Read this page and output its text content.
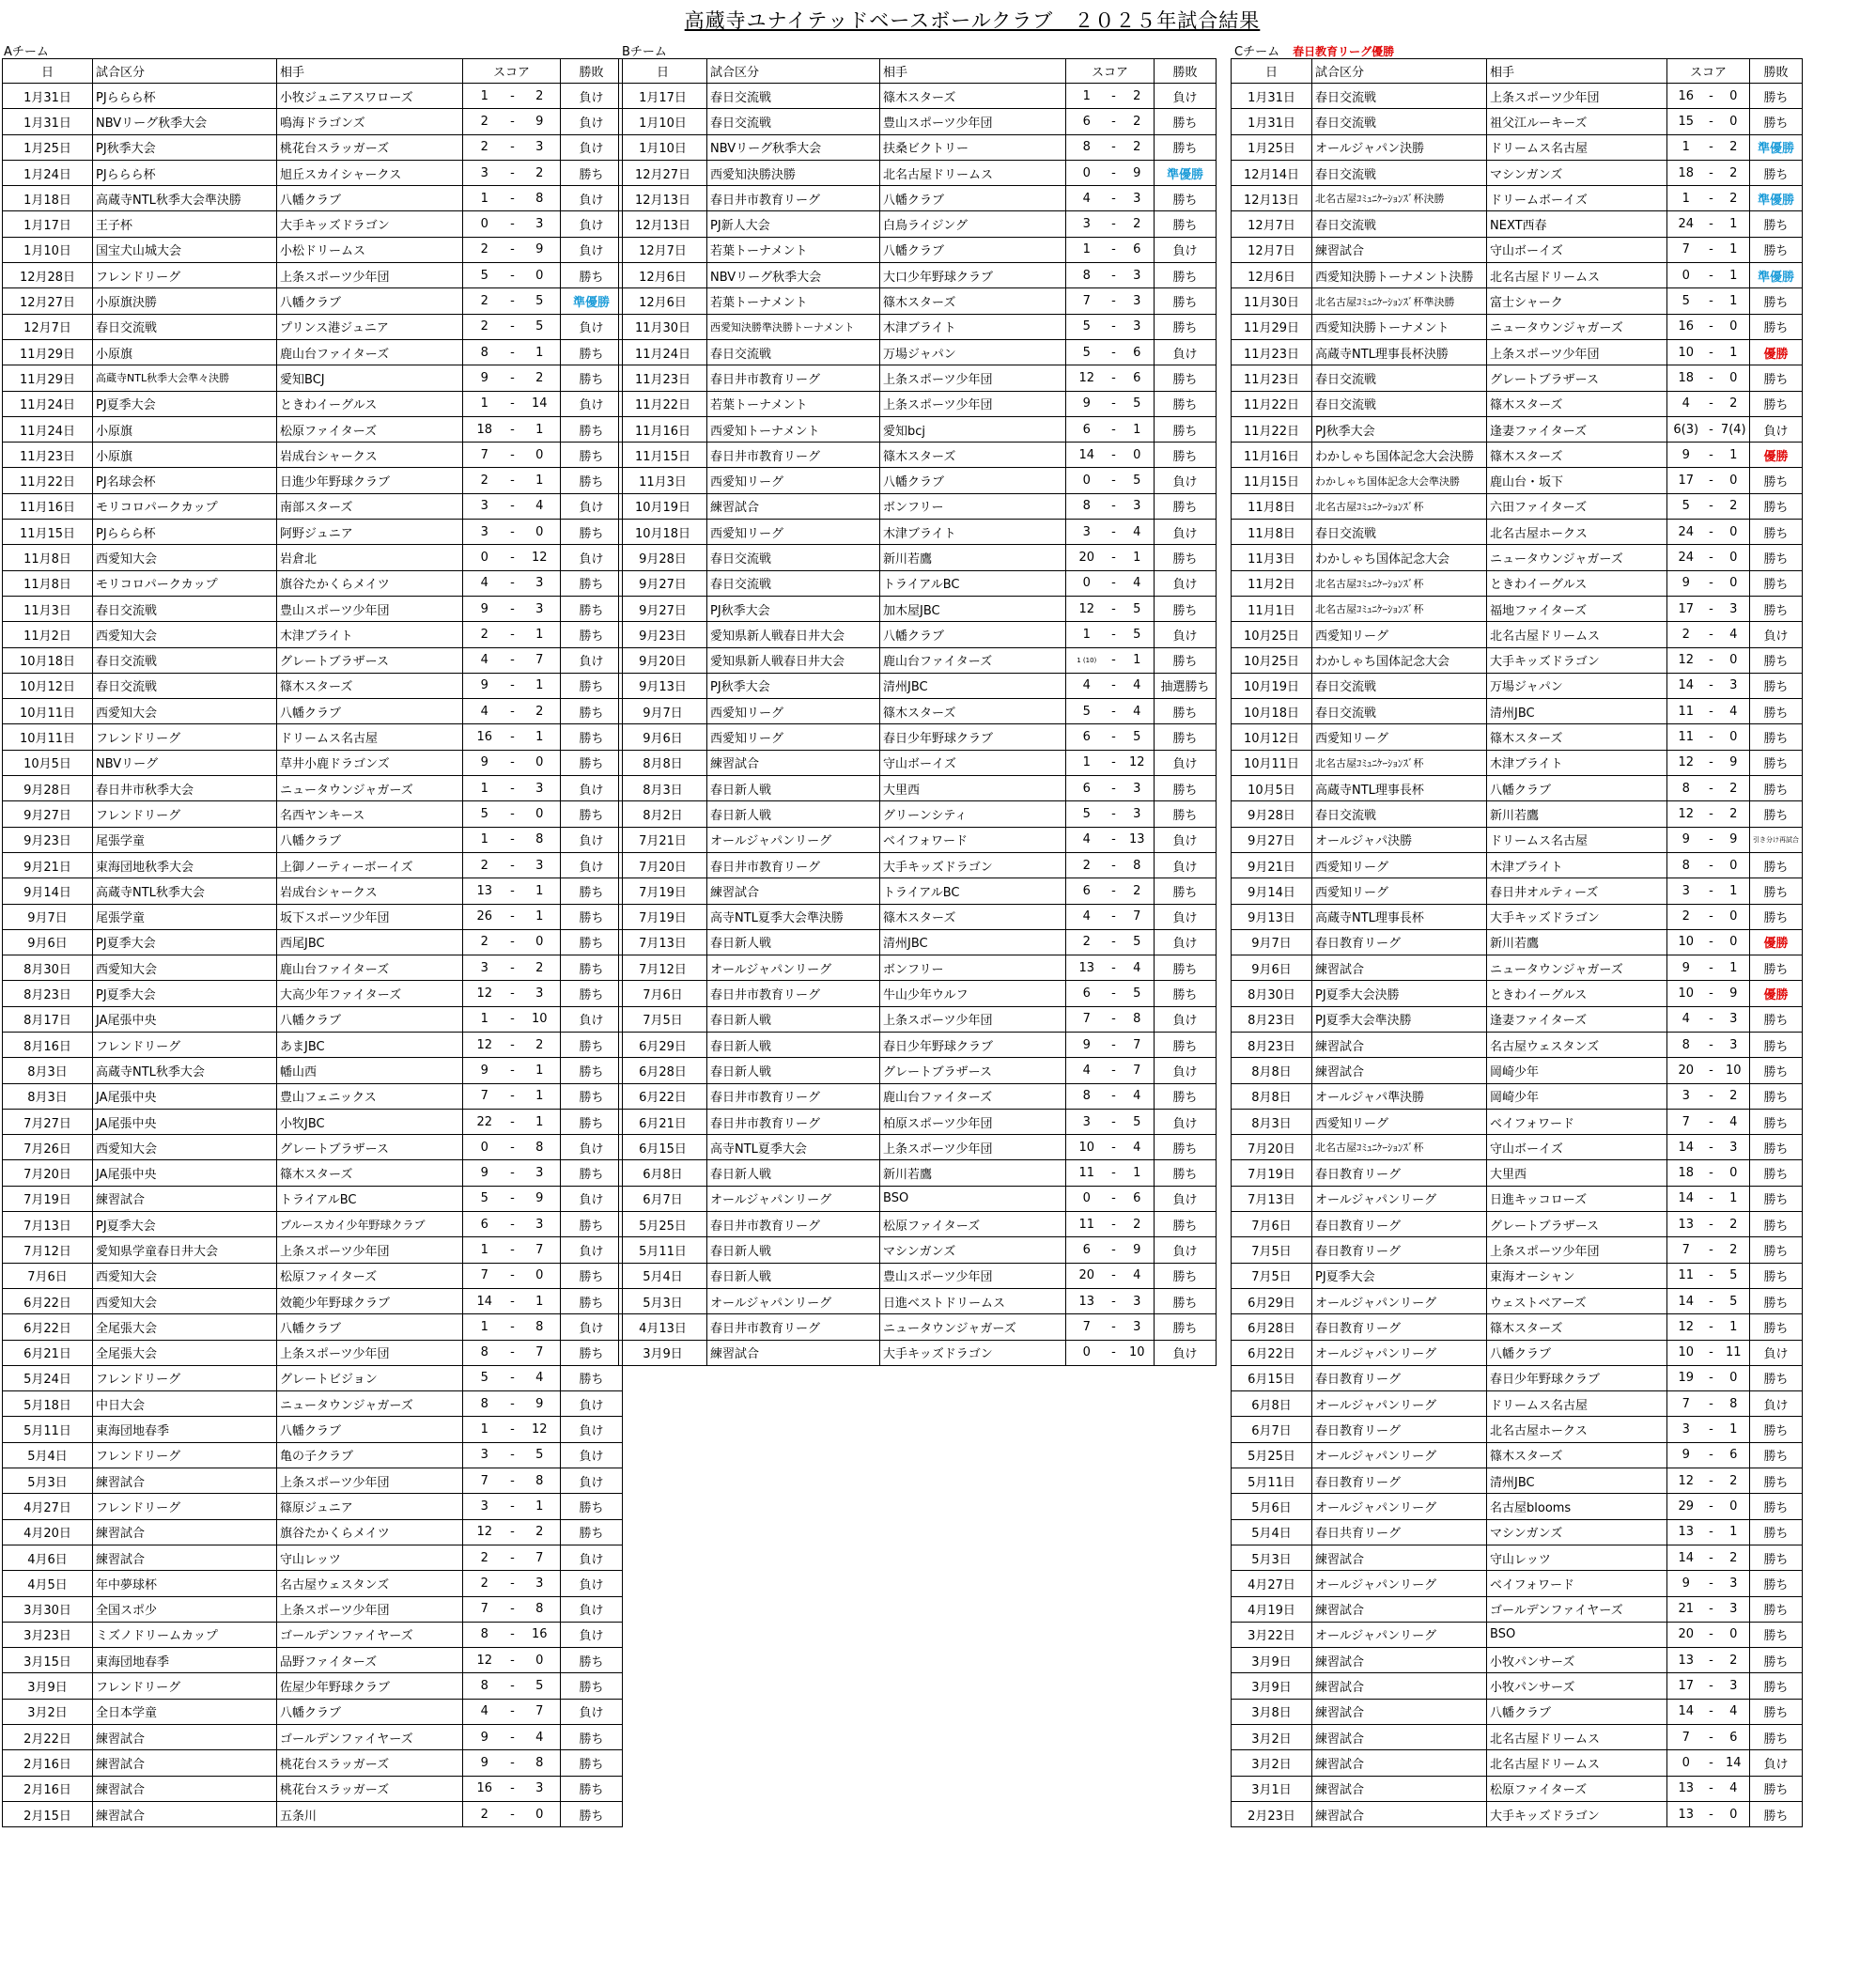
高蔵寺ユナイテッドベースボールクラブ　２０２５年試合結果
Aチーム	Bチーム	Cチーム 春日教育リーグ優勝
日	試合区分	相手	スコア			勝敗
1月31日	PJららら杯	小牧ジュニアスワローズ	1	-	2	負け
1月31日	NBVリーグ秋季大会	鳴海ドラゴンズ	2	-	9	負け
1月25日	PJ秋季大会	桃花台スラッガーズ	2	-	3	負け
1月24日	PJららら杯	旭丘スカイシャークス	3	-	2	勝ち
1月18日	高蔵寺NTL秋季大会準決勝	八幡クラブ	1	-	8	負け
1月17日	王子杯	大手キッズドラゴン	0	-	3	負け
1月10日	国宝犬山城大会	小松ドリームス	2	-	9	負け
12月28日	フレンドリーグ	上条スポーツ少年団	5	-	0	勝ち
12月27日	小原旗決勝	八幡クラブ	2	-	5	準優勝
12月7日	春日交流戦	プリンス港ジュニア	2	-	5	負け
11月29日	小原旗	鹿山台ファイターズ	8	-	1	勝ち
11月29日	高蔵寺NTL秋季大会準々決勝	愛知BCJ	9	-	2	勝ち
11月24日	PJ夏季大会	ときわイーグルス	1	-	14	負け
11月24日	小原旗	松原ファイターズ	18	-	1	勝ち
11月23日	小原旗	岩成台シャークス	7	-	0	勝ち
11月22日	PJ名球会杯	日進少年野球クラブ	2	-	1	勝ち
11月16日	モリコロパークカップ	南部スターズ	3	-	4	負け
11月15日	PJららら杯	阿野ジュニア	3	-	0	勝ち
11月8日	西愛知大会	岩倉北	0	-	12	負け
11月8日	モリコロパークカップ	旗谷たかくらメイツ	4	-	3	勝ち
11月3日	春日交流戦	豊山スポーツ少年団	9	-	3	勝ち
11月2日	西愛知大会	木津ブライト	2	-	1	勝ち
10月18日	春日交流戦	グレートブラザース	4	-	7	負け
10月12日	春日交流戦	篠木スターズ	9	-	1	勝ち
10月11日	西愛知大会	八幡クラブ	4	-	2	勝ち
10月11日	フレンドリーグ	ドリームス名古屋	16	-	1	勝ち
10月5日	NBVリーグ	草井小鹿ドラゴンズ	9	-	0	勝ち
9月28日	春日井市秋季大会	ニュータウンジャガーズ	1	-	3	負け
9月27日	フレンドリーグ	名西ヤンキース	5	-	0	勝ち
9月23日	尾張学童	八幡クラブ	1	-	8	負け
9月21日	東海団地秋季大会	上御ノーティーボーイズ	2	-	3	負け
9月14日	高蔵寺NTL秋季大会	岩成台シャークス	13	-	1	勝ち
9月7日	尾張学童	坂下スポーツ少年団	26	-	1	勝ち
9月6日	PJ夏季大会	西尾JBC	2	-	0	勝ち
8月30日	西愛知大会	鹿山台ファイターズ	3	-	2	勝ち
8月23日	PJ夏季大会	大高少年ファイターズ	12	-	3	勝ち
8月17日	JA尾張中央	八幡クラブ	1	-	10	負け
8月16日	フレンドリーグ	あまJBC	12	-	2	勝ち
8月3日	高蔵寺NTL秋季大会	幡山西	9	-	1	勝ち
8月3日	JA尾張中央	豊山フェニックス	7	-	1	勝ち
7月27日	JA尾張中央	小牧JBC	22	-	1	勝ち
7月26日	西愛知大会	グレートブラザース	0	-	8	負け
7月20日	JA尾張中央	篠木スターズ	9	-	3	勝ち
7月19日	練習試合	トライアルBC	5	-	9	負け
7月13日	PJ夏季大会	ブルースカイ少年野球クラブ	6	-	3	勝ち
7月12日	愛知県学童春日井大会	上条スポーツ少年団	1	-	7	負け
7月6日	西愛知大会	松原ファイターズ	7	-	0	勝ち
6月22日	西愛知大会	效範少年野球クラブ	14	-	1	勝ち
6月22日	全尾張大会	八幡クラブ	1	-	8	負け
6月21日	全尾張大会	上条スポーツ少年団	8	-	7	勝ち
5月24日	フレンドリーグ	グレートビジョン	5	-	4	勝ち
5月18日	中日大会	ニュータウンジャガーズ	8	-	9	負け
5月11日	東海団地春季	八幡クラブ	1	-	12	負け
5月4日	フレンドリーグ	亀の子クラブ	3	-	5	負け
5月3日	練習試合	上条スポーツ少年団	7	-	8	負け
4月27日	フレンドリーグ	篠原ジュニア	3	-	1	勝ち
4月20日	練習試合	旗谷たかくらメイツ	12	-	2	勝ち
4月6日	練習試合	守山レッツ	2	-	7	負け
4月5日	年中夢球杯	名古屋ウェスタンズ	2	-	3	負け
3月30日	全国スポ少	上条スポーツ少年団	7	-	8	負け
3月23日	ミズノドリームカップ	ゴールデンファイヤーズ	8	-	16	負け
3月15日	東海団地春季	品野ファイターズ	12	-	0	勝ち
3月9日	フレンドリーグ	佐屋少年野球クラブ	8	-	5	勝ち
3月2日	全日本学童	八幡クラブ	4	-	7	負け
2月22日	練習試合	ゴールデンファイヤーズ	9	-	4	勝ち
2月16日	練習試合	桃花台スラッガーズ	9	-	8	勝ち
2月16日	練習試合	桃花台スラッガーズ	16	-	3	勝ち
2月15日	練習試合	五条川	2	-	0	勝ち
日	試合区分	相手	スコア			勝敗
1月17日	春日交流戦	篠木スターズ	1	-	2	負け
1月10日	春日交流戦	豊山スポーツ少年団	6	-	2	勝ち
1月10日	NBVリーグ秋季大会	扶桑ビクトリー	8	-	2	勝ち
12月27日	西愛知決勝決勝	北名古屋ドリームス	0	-	9	準優勝
12月13日	春日井市教育リーグ	八幡クラブ	4	-	3	勝ち
12月13日	PJ新人大会	白鳥ライジング	3	-	2	勝ち
12月7日	若葉トーナメント	八幡クラブ	1	-	6	負け
12月6日	NBVリーグ秋季大会	大口少年野球クラブ	8	-	3	勝ち
12月6日	若葉トーナメント	篠木スターズ	7	-	3	勝ち
11月30日	西愛知決勝準決勝トーナメント	木津ブライト	5	-	3	勝ち
11月24日	春日交流戦	万場ジャパン	5	-	6	負け
11月23日	春日井市教育リーグ	上条スポーツ少年団	12	-	6	勝ち
11月22日	若葉トーナメント	上条スポーツ少年団	9	-	5	勝ち
11月16日	西愛知トーナメント	愛知bcj	6	-	1	勝ち
11月15日	春日井市教育リーグ	篠木スターズ	14	-	0	勝ち
11月3日	西愛知リーグ	八幡クラブ	0	-	5	負け
10月19日	練習試合	ボンフリー	8	-	3	勝ち
10月18日	西愛知リーグ	木津ブライト	3	-	4	負け
9月28日	春日交流戦	新川若鷹	20	-	1	勝ち
9月27日	春日交流戦	トライアルBC	0	-	4	負け
9月27日	PJ秋季大会	加木屋JBC	12	-	5	勝ち
9月23日	愛知県新人戦春日井大会	八幡クラブ	1	-	5	負け
9月20日	愛知県新人戦春日井大会	鹿山台ファイターズ	1 (10)	-	1	勝ち
9月13日	PJ秋季大会	清州JBC	4	-	4	抽選勝ち
9月7日	西愛知リーグ	篠木スターズ	5	-	4	勝ち
9月6日	西愛知リーグ	春日少年野球クラブ	6	-	5	勝ち
8月8日	練習試合	守山ボーイズ	1	-	12	負け
8月3日	春日新人戦	大里西	6	-	3	勝ち
8月2日	春日新人戦	グリーンシティ	5	-	3	勝ち
7月21日	オールジャパンリーグ	ベイフォワード	4	-	13	負け
7月20日	春日井市教育リーグ	大手キッズドラゴン	2	-	8	負け
7月19日	練習試合	トライアルBC	6	-	2	勝ち
7月19日	高寺NTL夏季大会準決勝	篠木スターズ	4	-	7	負け
7月13日	春日新人戦	清州JBC	2	-	5	負け
7月12日	オールジャパンリーグ	ボンフリー	13	-	4	勝ち
7月6日	春日井市教育リーグ	牛山少年ウルフ	6	-	5	勝ち
7月5日	春日新人戦	上条スポーツ少年団	7	-	8	負け
6月29日	春日新人戦	春日少年野球クラブ	9	-	7	勝ち
6月28日	春日新人戦	グレートブラザース	4	-	7	負け
6月22日	春日井市教育リーグ	鹿山台ファイターズ	8	-	4	勝ち
6月21日	春日井市教育リーグ	柏原スポーツ少年団	3	-	5	負け
6月15日	高寺NTL夏季大会	上条スポーツ少年団	10	-	4	勝ち
6月8日	春日新人戦	新川若鷹	11	-	1	勝ち
6月7日	オールジャパンリーグ	BSO	0	-	6	負け
5月25日	春日井市教育リーグ	松原ファイターズ	11	-	2	勝ち
5月11日	春日新人戦	マシンガンズ	6	-	9	負け
5月4日	春日新人戦	豊山スポーツ少年団	20	-	4	勝ち
5月3日	オールジャパンリーグ	日進ベストドリームス	13	-	3	勝ち
4月13日	春日井市教育リーグ	ニュータウンジャガーズ	7	-	3	勝ち
3月9日	練習試合	大手キッズドラゴン	0	-	10	負け
日	試合区分	相手	スコア			勝敗
1月31日	春日交流戦	上条スポーツ少年団	16	-	0	勝ち
1月31日	春日交流戦	祖父江ルーキーズ	15	-	0	勝ち
1月25日	オールジャパン決勝	ドリームス名古屋	1	-	2	準優勝
12月14日	春日交流戦	マシンガンズ	18	-	2	勝ち
12月13日	北名古屋ｺﾐｭﾆｹｰｼｮﾝｽﾞ杯決勝	ドリームボーイズ	1	-	2	準優勝
12月7日	春日交流戦	NEXT西春	24	-	1	勝ち
12月7日	練習試合	守山ボーイズ	7	-	1	勝ち
12月6日	西愛知決勝トーナメント決勝	北名古屋ドリームス	0	-	1	準優勝
11月30日	北名古屋ｺﾐｭﾆｹｰｼｮﾝｽﾞ杯準決勝	富士シャーク	5	-	1	勝ち
11月29日	西愛知決勝トーナメント	ニュータウンジャガーズ	16	-	0	勝ち
11月23日	高蔵寺NTL理事長杯決勝	上条スポーツ少年団	10	-	1	優勝
11月23日	春日交流戦	グレートブラザース	18	-	0	勝ち
11月22日	春日交流戦	篠木スターズ	4	-	2	勝ち
11月22日	PJ秋季大会	逢妻ファイターズ	6(3)	-	7(4)	負け
11月16日	わかしゃち国体記念大会決勝	篠木スターズ	9	-	1	優勝
11月15日	わかしゃち国体記念大会準決勝	鹿山台・坂下	17	-	0	勝ち
11月8日	北名古屋ｺﾐｭﾆｹｰｼｮﾝｽﾞ杯	六田ファイターズ	5	-	2	勝ち
11月8日	春日交流戦	北名古屋ホークス	24	-	0	勝ち
11月3日	わかしゃち国体記念大会	ニュータウンジャガーズ	24	-	0	勝ち
11月2日	北名古屋ｺﾐｭﾆｹｰｼｮﾝｽﾞ杯	ときわイーグルス	9	-	0	勝ち
11月1日	北名古屋ｺﾐｭﾆｹｰｼｮﾝｽﾞ杯	福地ファイターズ	17	-	3	勝ち
10月25日	西愛知リーグ	北名古屋ドリームス	2	-	4	負け
10月25日	わかしゃち国体記念大会	大手キッズドラゴン	12	-	0	勝ち
10月19日	春日交流戦	万場ジャパン	14	-	3	勝ち
10月18日	春日交流戦	清州JBC	11	-	4	勝ち
10月12日	西愛知リーグ	篠木スターズ	11	-	0	勝ち
10月11日	北名古屋ｺﾐｭﾆｹｰｼｮﾝｽﾞ杯	木津ブライト	12	-	9	勝ち
10月5日	高蔵寺NTL理事長杯	八幡クラブ	8	-	2	勝ち
9月28日	春日交流戦	新川若鷹	12	-	2	勝ち
9月27日	オールジャパ決勝	ドリームス名古屋	9	-	9	引き分け再試合
9月21日	西愛知リーグ	木津ブライト	8	-	0	勝ち
9月14日	西愛知リーグ	春日井オルティーズ	3	-	1	勝ち
9月13日	高蔵寺NTL理事長杯	大手キッズドラゴン	2	-	0	勝ち
9月7日	春日教育リーグ	新川若鷹	10	-	0	優勝
9月6日	練習試合	ニュータウンジャガーズ	9	-	1	勝ち
8月30日	PJ夏季大会決勝	ときわイーグルス	10	-	9	優勝
8月23日	PJ夏季大会準決勝	逢妻ファイターズ	4	-	3	勝ち
8月23日	練習試合	名古屋ウェスタンズ	8	-	3	勝ち
8月8日	練習試合	岡崎少年	20	-	10	勝ち
8月8日	オールジャパ準決勝	岡崎少年	3	-	2	勝ち
8月3日	西愛知リーグ	ベイフォワード	7	-	4	勝ち
7月20日	北名古屋ｺﾐｭﾆｹｰｼｮﾝｽﾞ杯	守山ボーイズ	14	-	3	勝ち
7月19日	春日教育リーグ	大里西	18	-	0	勝ち
7月13日	オールジャパンリーグ	日進キッコローズ	14	-	1	勝ち
7月6日	春日教育リーグ	グレートブラザース	13	-	2	勝ち
7月5日	春日教育リーグ	上条スポーツ少年団	7	-	2	勝ち
7月5日	PJ夏季大会	東海オーシャン	11	-	5	勝ち
6月29日	オールジャパンリーグ	ウェストベアーズ	14	-	5	勝ち
6月28日	春日教育リーグ	篠木スターズ	12	-	1	勝ち
6月22日	オールジャパンリーグ	八幡クラブ	10	-	11	負け
6月15日	春日教育リーグ	春日少年野球クラブ	19	-	0	勝ち
6月8日	オールジャパンリーグ	ドリームス名古屋	7	-	8	負け
6月7日	春日教育リーグ	北名古屋ホークス	3	-	1	勝ち
5月25日	オールジャパンリーグ	篠木スターズ	9	-	6	勝ち
5月11日	春日教育リーグ	清州JBC	12	-	2	勝ち
5月6日	オールジャパンリーグ	名古屋blooms	29	-	0	勝ち
5月4日	春日共育リーグ	マシンガンズ	13	-	1	勝ち
5月3日	練習試合	守山レッツ	14	-	2	勝ち
4月27日	オールジャパンリーグ	ベイフォワード	9	-	3	勝ち
4月19日	練習試合	ゴールデンファイヤーズ	21	-	3	勝ち
3月22日	オールジャパンリーグ	BSO	20	-	0	勝ち
3月9日	練習試合	小牧パンサーズ	13	-	2	勝ち
3月9日	練習試合	小牧パンサーズ	17	-	3	勝ち
3月8日	練習試合	八幡クラブ	14	-	4	勝ち
3月2日	練習試合	北名古屋ドリームス	7	-	6	勝ち
3月2日	練習試合	北名古屋ドリームス	0	-	14	負け
3月1日	練習試合	松原ファイターズ	13	-	4	勝ち
2月23日	練習試合	大手キッズドラゴン	13	-	0	勝ち
